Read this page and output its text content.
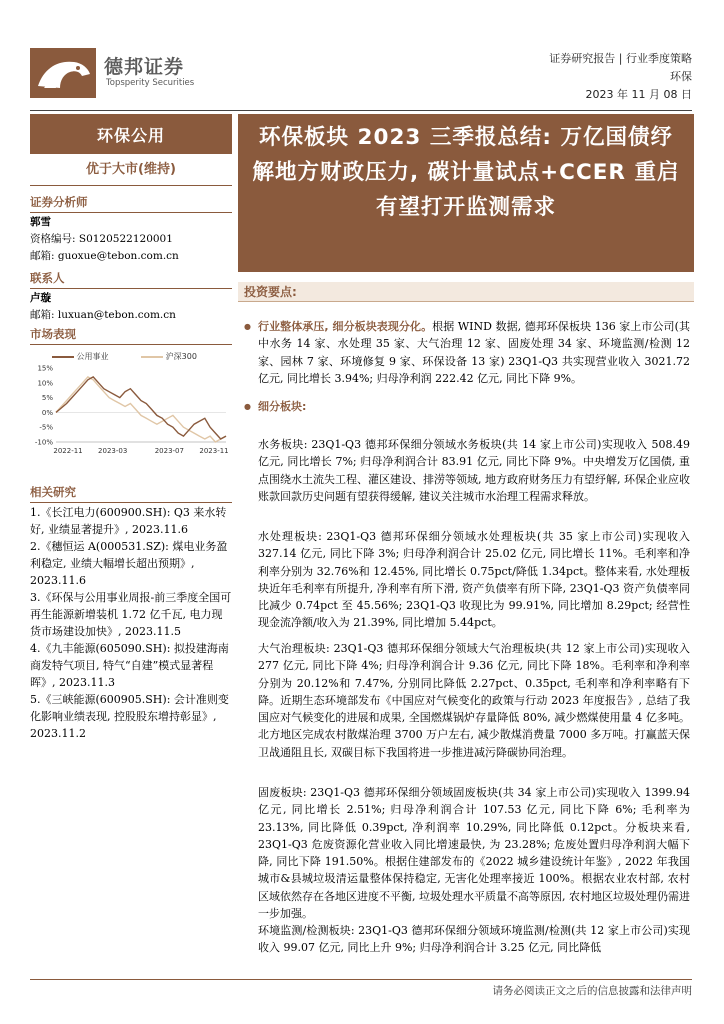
德邦证券
Topsperity Securities
证券研究报告 | 行业季度策略
环保
2023 年 11 月 08 日
环保公用
优于大市(维持)
证券分析师
郭雪
资格编号: S0120522120001
邮箱: guoxue@tebon.com.cn
联系人
卢璇
邮箱: luxuan@tebon.com.cn
市场表现
公用事业	沪深300
15%
10%
5%
0%
-5%
-10%
2022-11 2023-03	2023-07 2023-11
相关研究
1.《长江电力(600900.SH): Q3 来水转好, 业绩显著提升》, 2023.11.6
2.《穗恒运 A(000531.SZ): 煤电业务盈利稳定, 业绩大幅增长超出预期》, 2023.11.6
3.《环保与公用事业周报-前三季度全国可再生能源新增装机 1.72 亿千瓦, 电力现货市场建设加快》, 2023.11.5
4.《九丰能源(605090.SH): 拟投建海南商发特气项目, 特气“自建”模式显著程晖》, 2023.11.3
5.《三峡能源(600905.SH): 会计准则变化影响业绩表现, 控股股东增持彰显》, 2023.11.2
环保板块 2023 三季报总结: 万亿国债纾解地方财政压力, 碳计量试点+CCER 重启有望打开监测需求
投资要点:
● 行业整体承压, 细分板块表现分化。根据 WIND 数据, 德邦环保板块 136 家上市公司(其中水务 14 家、水处理 35 家、大气治理 12 家、固废处理 34 家、环境监测/检测 12 家、园林 7 家、环境修复 9 家、环保设备 13 家) 23Q1-Q3 共实现营业收入 3021.72 亿元, 同比增长 3.94%; 归母净利润 222.42 亿元, 同比下降 9%。
● 细分板块:
水务板块: 23Q1-Q3 德邦环保细分领域水务板块(共 14 家上市公司)实现收入 508.49 亿元, 同比增长 7%; 归母净利润合计 83.91 亿元, 同比下降 9%。中央增发万亿国债, 重点围绕水土流失工程、灌区建设、排涝等领域, 地方政府财务压力有望纾解, 环保企业应收账款回款历史问题有望获得缓解, 建议关注城市水治理工程需求释放。
水处理板块: 23Q1-Q3 德邦环保细分领域水处理板块(共 35 家上市公司)实现收入 327.14 亿元, 同比下降 3%; 归母净利润合计 25.02 亿元, 同比增长 11%。毛利率和净利率分别为 32.76%和 12.45%, 同比增长 0.75pct/降低 1.34pct。整体来看, 水处理板块近年毛利率有所提升, 净利率有所下滑, 资产负债率有所下降, 23Q1-Q3 资产负债率同比减少 0.74pct 至 45.56%; 23Q1-Q3 收现比为 99.91%, 同比增加 8.29pct; 经营性现金流净额/收入为 21.39%, 同比增加 5.44pct。
大气治理板块: 23Q1-Q3 德邦环保细分领域大气治理板块(共 12 家上市公司)实现收入 277 亿元, 同比下降 4%; 归母净利润合计 9.36 亿元, 同比下降 18%。毛利率和净利率分别为 20.12%和 7.47%, 分别同比降低 2.27pct、0.35pct, 毛利率和净利率略有下降。近期生态环境部发布《中国应对气候变化的政策与行动 2023 年度报告》, 总结了我国应对气候变化的进展和成果, 全国燃煤锅炉存量降低 80%, 减少燃煤使用量 4 亿多吨。北方地区完成农村散煤治理 3700 万户左右, 减少散煤消费量 7000 多万吨。打赢蓝天保卫战通阻且长, 双碳目标下我国将进一步推进减污降碳协同治理。
固废板块: 23Q1-Q3 德邦环保细分领域固废板块(共 34 家上市公司)实现收入 1399.94 亿元, 同比增长 2.51%; 归母净利润合计 107.53 亿元, 同比下降 6%; 毛利率为 23.13%, 同比降低 0.39pct, 净利润率 10.29%, 同比降低 0.12pct。分板块来看, 23Q1-Q3 危废资源化营业收入同比增速最快, 为 23.28%; 危废处置归母净利润大幅下降, 同比下降 191.50%。根据住建部发布的《2022 城乡建设统计年鉴》, 2022 年我国城市&县城垃圾清运量整体保持稳定, 无害化处理率接近 100%。根据农业农村部, 农村区域依然存在各地区进度不平衡, 垃圾处理水平质量不高等原因, 农村地区垃圾处理仍需进一步加强。
环境监测/检测板块: 23Q1-Q3 德邦环保细分领域环境监测/检测(共 12 家上市公司)实现收入 99.07 亿元, 同比上升 9%; 归母净利润合计 3.25 亿元, 同比降低
请务必阅读正文之后的信息披露和法律声明
